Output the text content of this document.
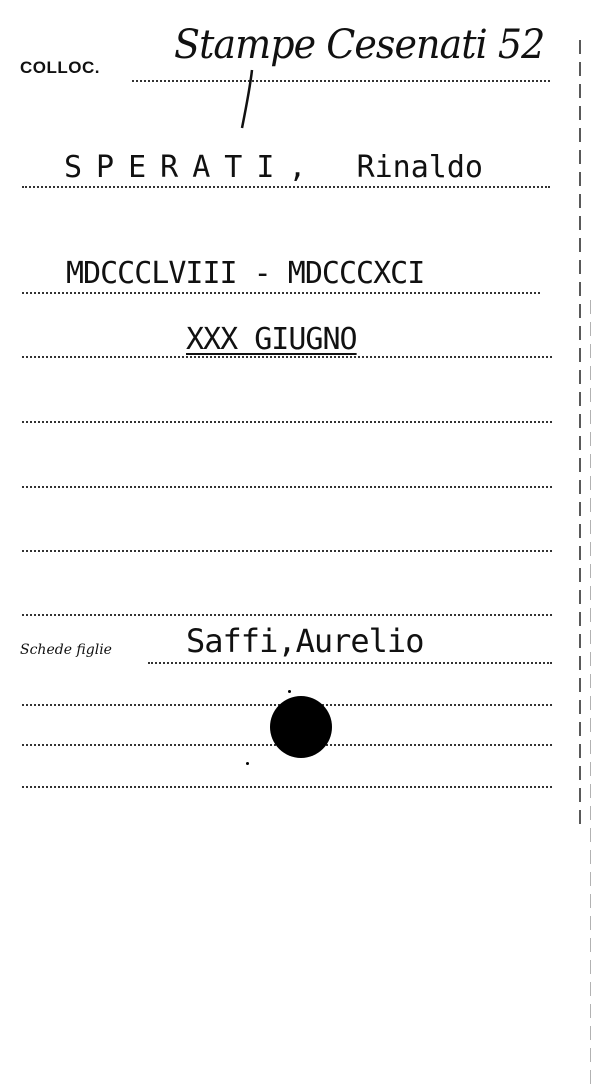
COLLOC. Stampe Cesenati 52
SPERATI, Rinaldo
MDCCCLVIII - MDCCCXCI
XXX GIUGNO
Schede figlie Saffi,Aurelio
